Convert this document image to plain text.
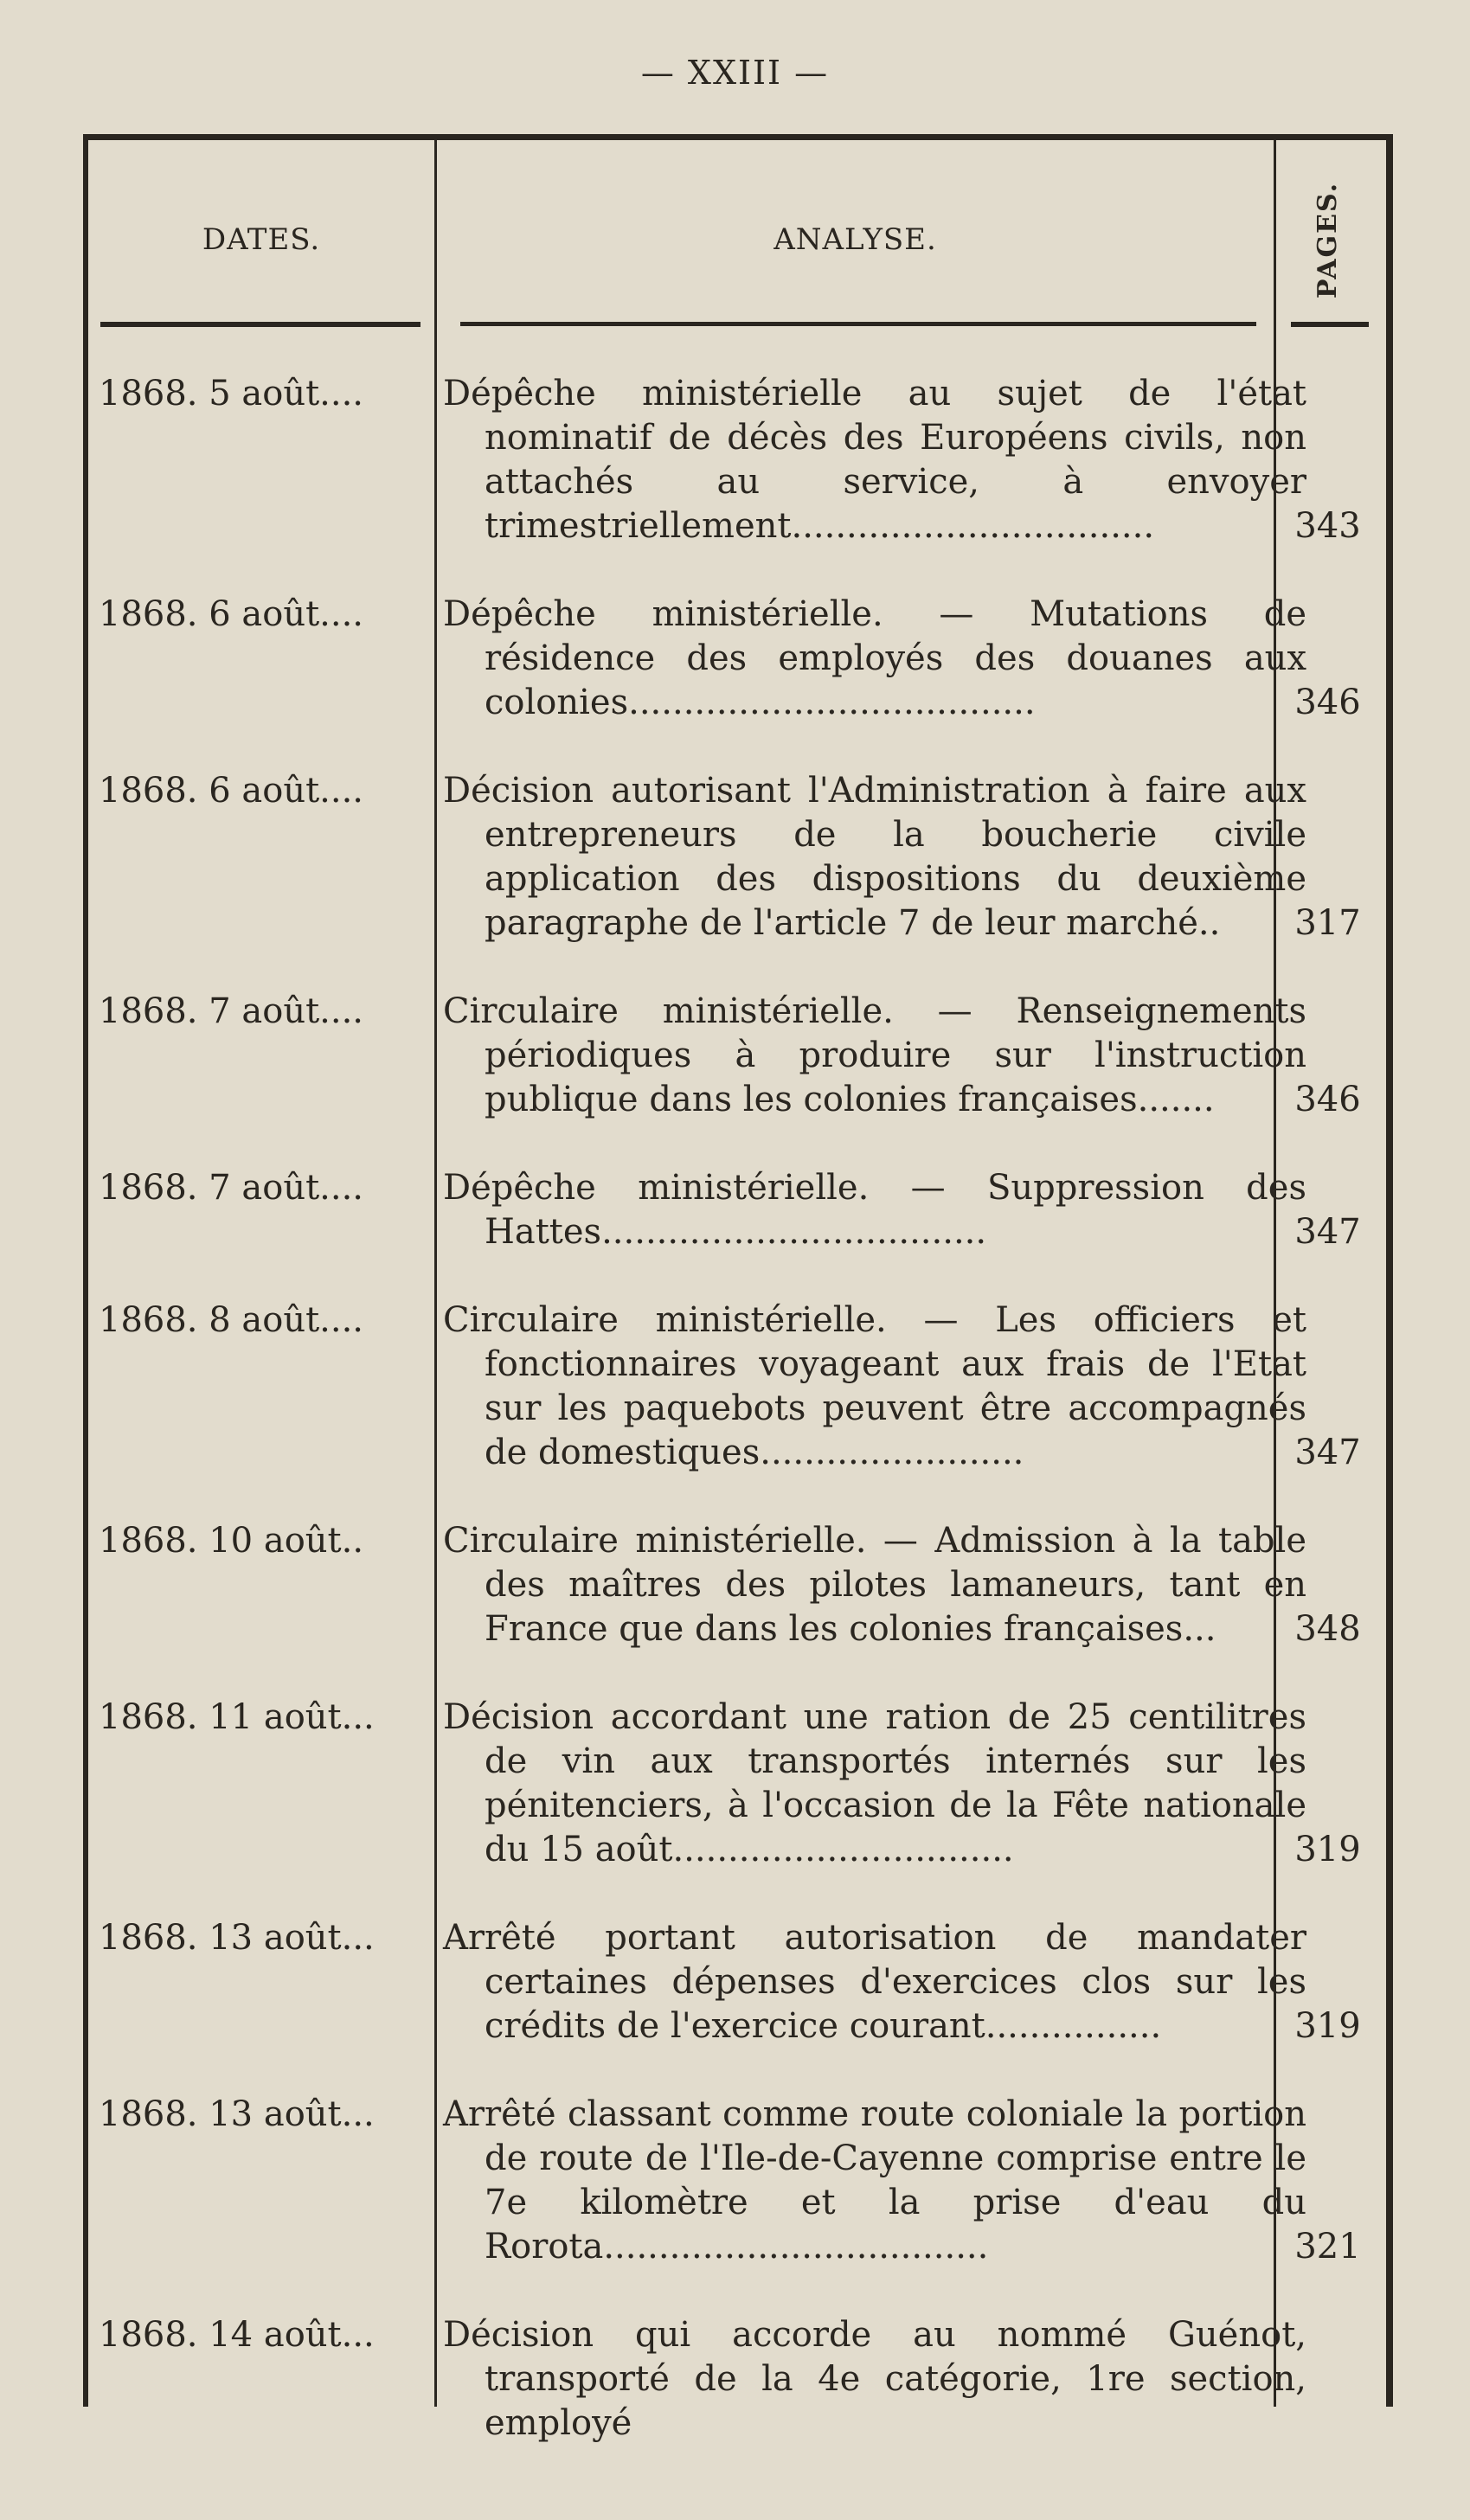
— XXIII —
DATES.	ANALYSE.	PAGES.
1868. 5 août....	Dépêche ministérielle au sujet de l'état nominatif de décès des Européens civils, non attachés au service, à envoyer trimestriellement.................................	343
1868. 6 août....	Dépêche ministérielle. — Mutations de résidence des employés des douanes aux colonies.....................................	346
1868. 6 août....	Décision autorisant l'Administration à faire aux entrepreneurs de la boucherie civile application des dispositions du deuxième paragraphe de l'article 7 de leur marché..	317
1868. 7 août....	Circulaire ministérielle. — Renseignements périodiques à produire sur l'instruction publique dans les colonies françaises.......	346
1868. 7 août....	Dépêche ministérielle. — Suppression des Hattes...................................	347
1868. 8 août....	Circulaire ministérielle. — Les officiers et fonctionnaires voyageant aux frais de l'Etat sur les paquebots peuvent être accompagnés de domestiques........................	347
1868. 10 août..	Circulaire ministérielle. — Admission à la table des maîtres des pilotes lamaneurs, tant en France que dans les colonies françaises...	348
1868. 11 août...	Décision accordant une ration de 25 centilitres de vin aux transportés internés sur les pénitenciers, à l'occasion de la Fête nationale du 15 août...............................	319
1868. 13 août...	Arrêté portant autorisation de mandater certaines dépenses d'exercices clos sur les crédits de l'exercice courant................	319
1868. 13 août...	Arrêté classant comme route coloniale la portion de route de l'Ile-de-Cayenne comprise entre le 7e kilomètre et la prise d'eau du Rorota...................................	321
1868. 14 août...	Décision qui accorde au nommé Guénot, transporté de la 4e catégorie, 1re section, employé
